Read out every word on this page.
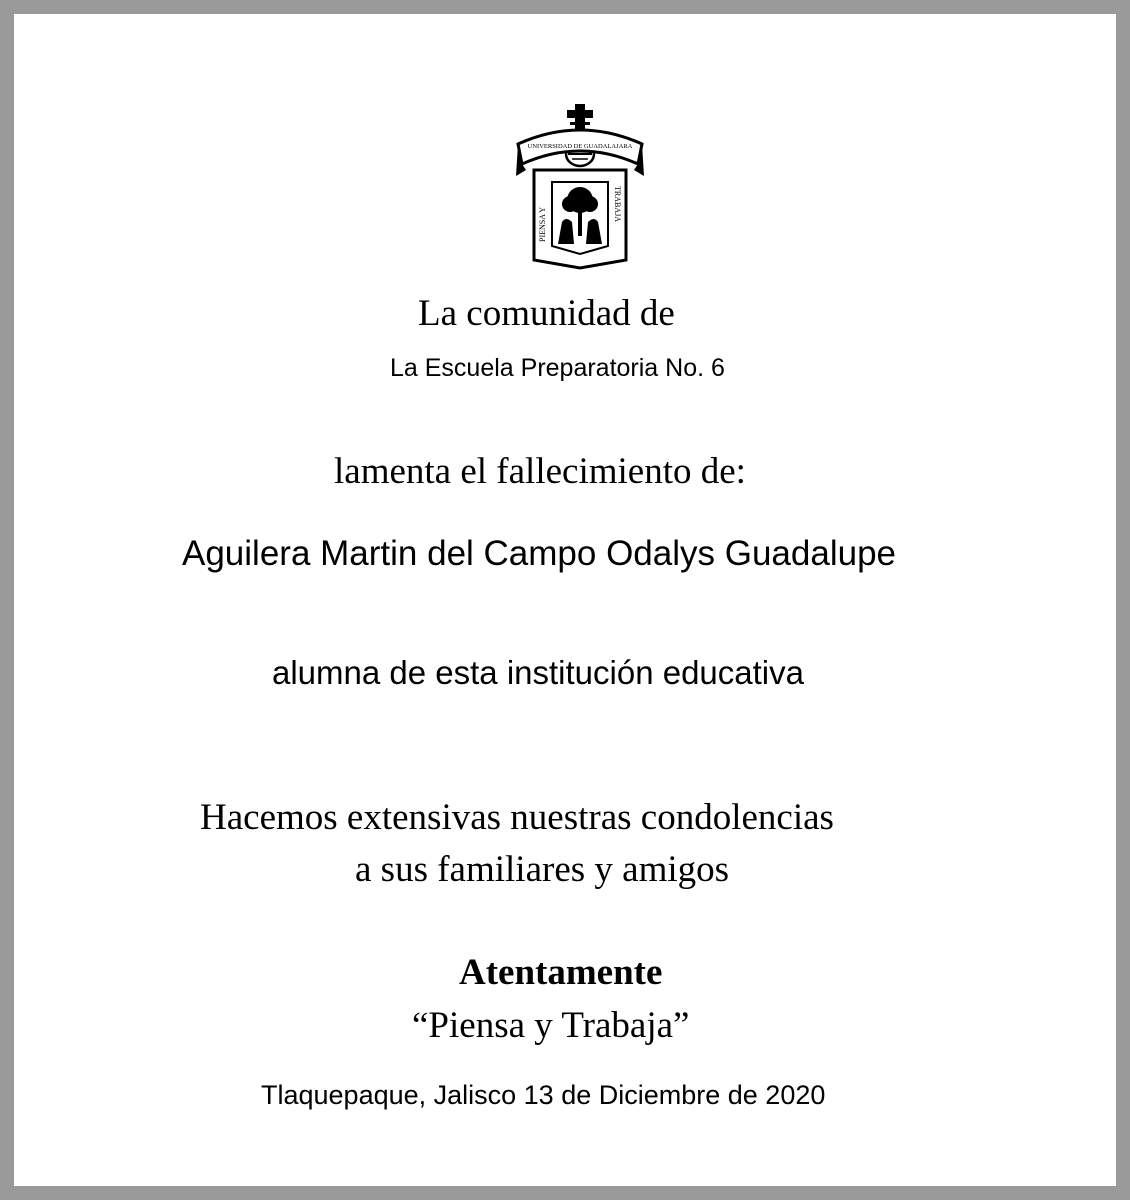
UNIVERSIDAD DE GUADALAJARA
PIENSA Y
TRABAJA
La comunidad de
La Escuela Preparatoria No. 6
lamenta el fallecimiento de:
Aguilera Martin del Campo Odalys Guadalupe
alumna de esta institución educativa
Hacemos extensivas nuestras condolencias
a sus familiares y amigos
Atentamente
“Piensa y Trabaja”
Tlaquepaque, Jalisco 13 de Diciembre de 2020
